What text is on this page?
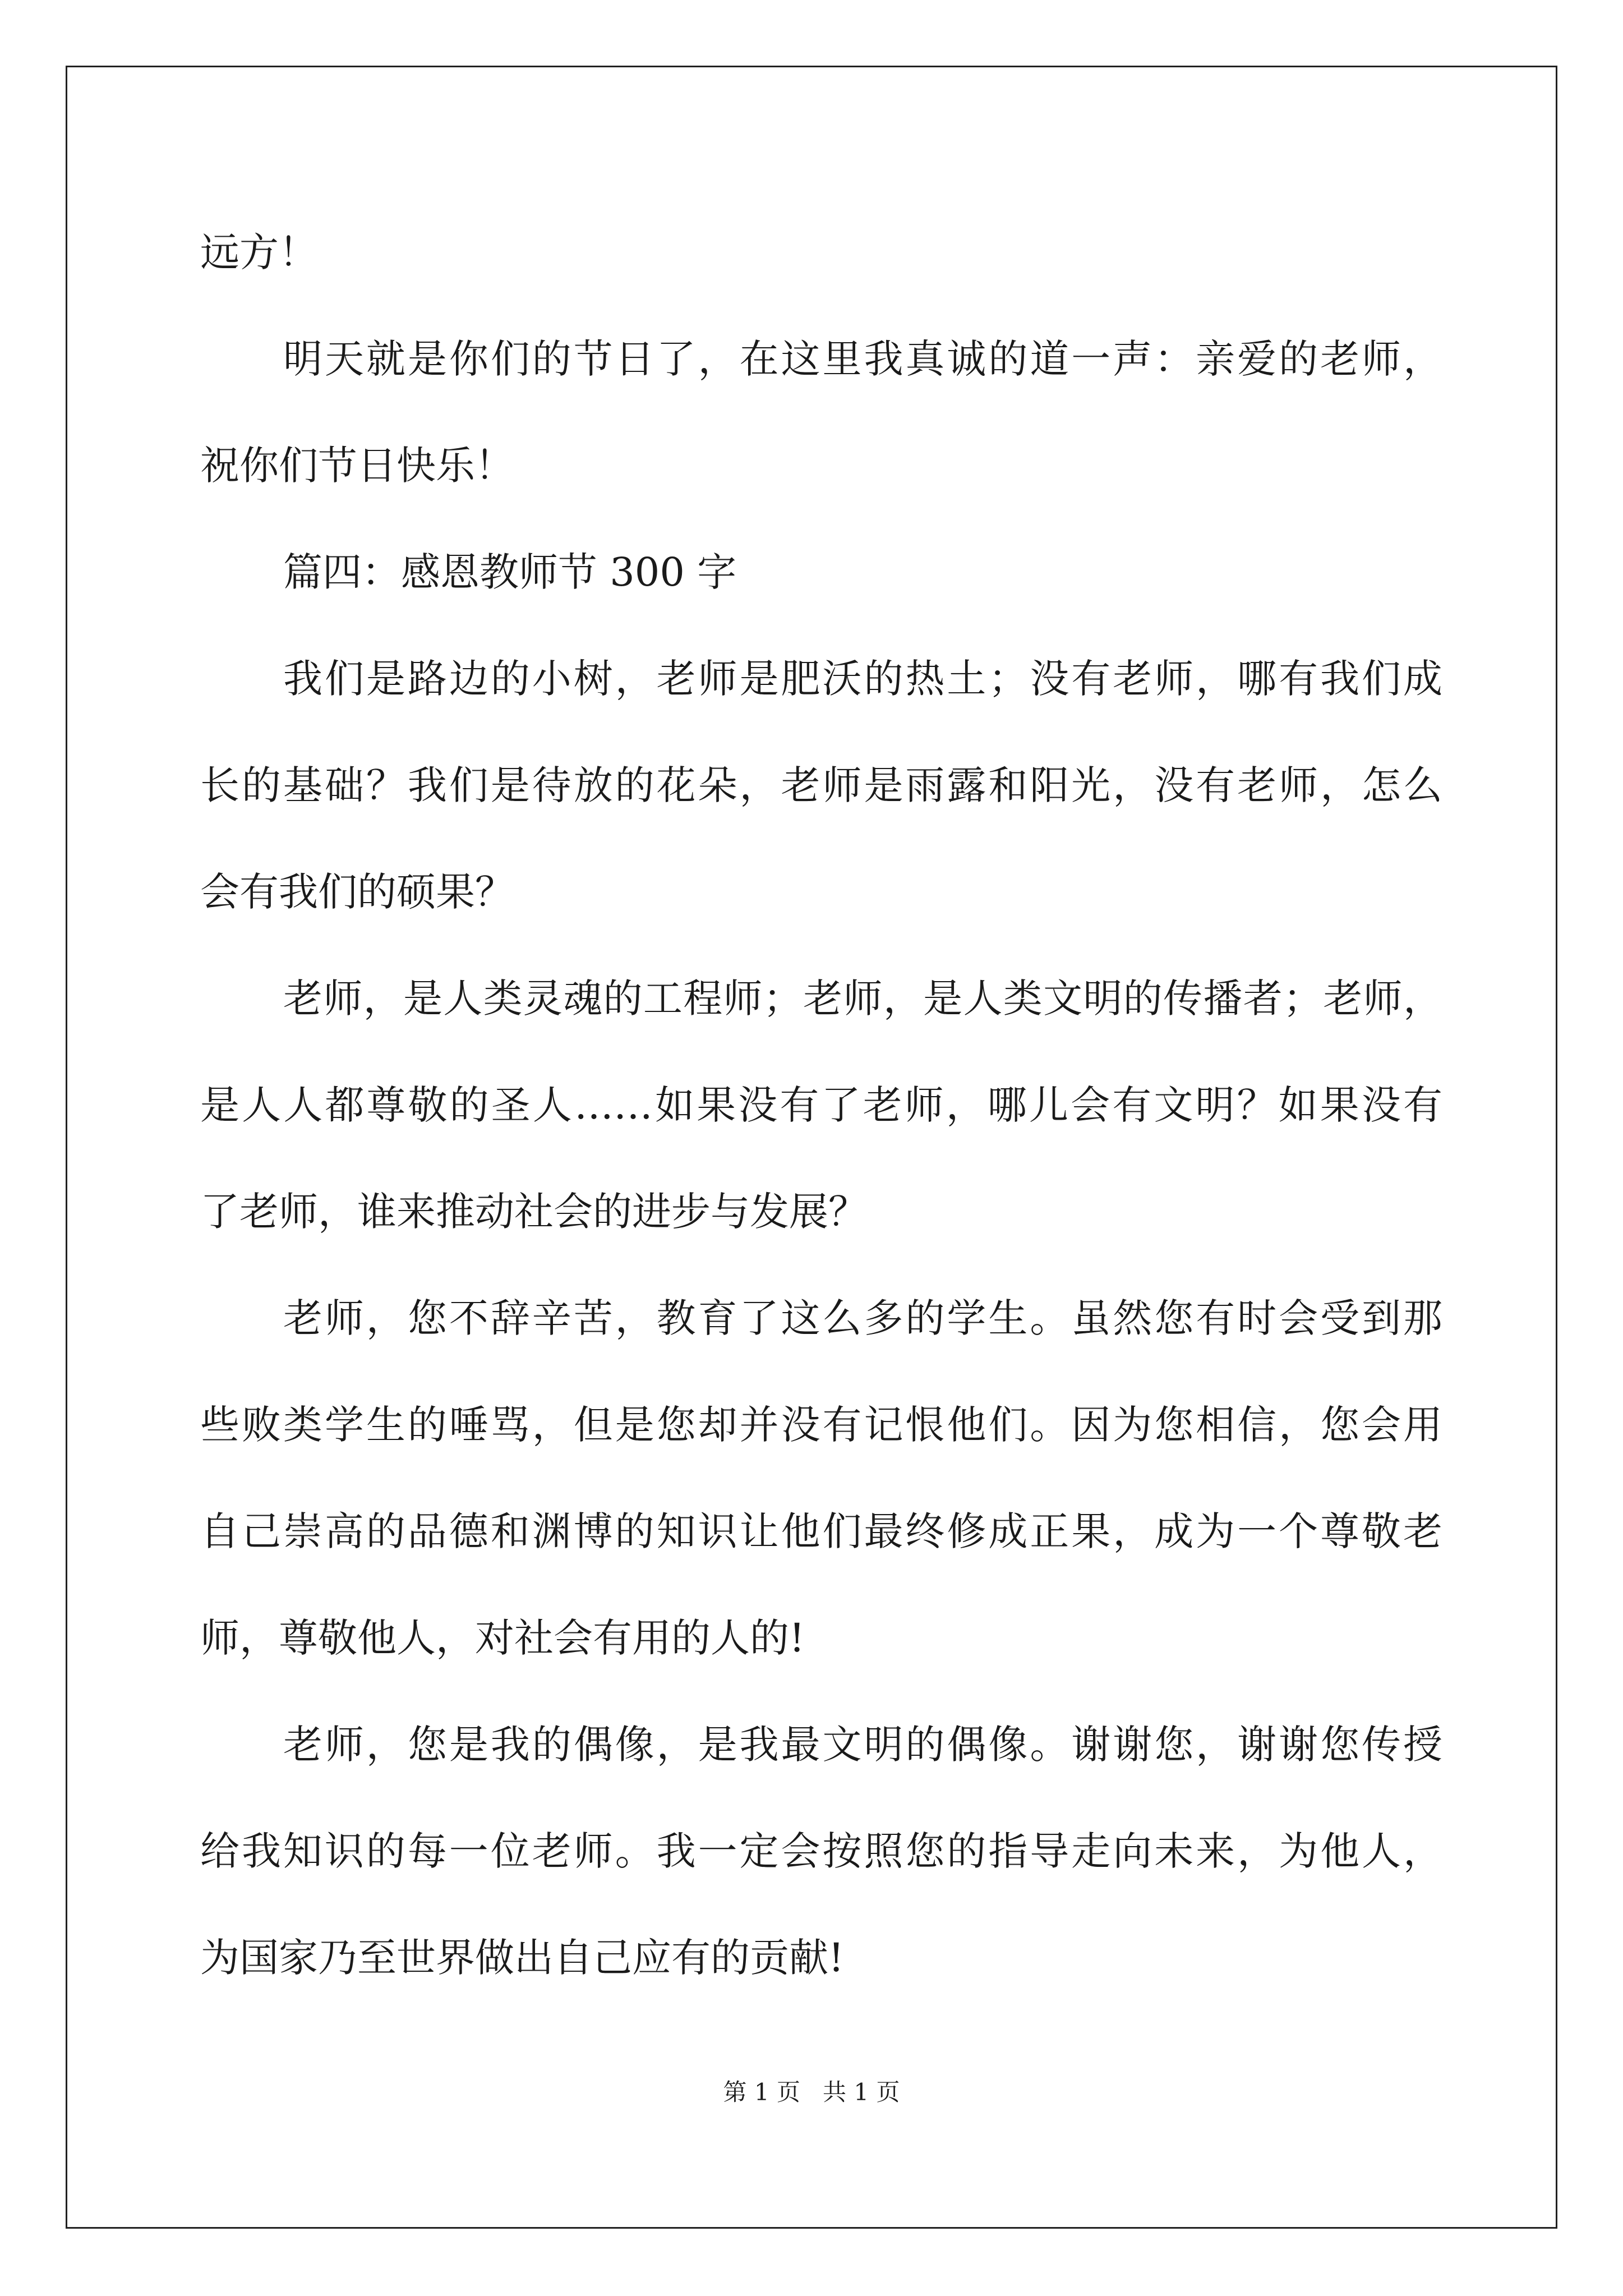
远方！
明天就是你们的节日了，在这里我真诚的道一声：亲爱的老师，
祝你们节日快乐！
篇四：感恩教师节 300 字
我们是路边的小树，老师是肥沃的热土；没有老师，哪有我们成
长的基础？我们是待放的花朵，老师是雨露和阳光，没有老师，怎么
会有我们的硕果？
老师，是人类灵魂的工程师；老师，是人类文明的传播者；老师，
是人人都尊敬的圣人……如果没有了老师，哪儿会有文明？如果没有
了老师，谁来推动社会的进步与发展？
老师，您不辞辛苦，教育了这么多的学生。虽然您有时会受到那
些败类学生的唾骂，但是您却并没有记恨他们。因为您相信，您会用
自己崇高的品德和渊博的知识让他们最终修成正果，成为一个尊敬老
师，尊敬他人，对社会有用的人的!
老师，您是我的偶像，是我最文明的偶像。谢谢您，谢谢您传授
给我知识的每一位老师。我一定会按照您的指导走向未来，为他人，
为国家乃至世界做出自己应有的贡献!
第 1 页   共 1 页
